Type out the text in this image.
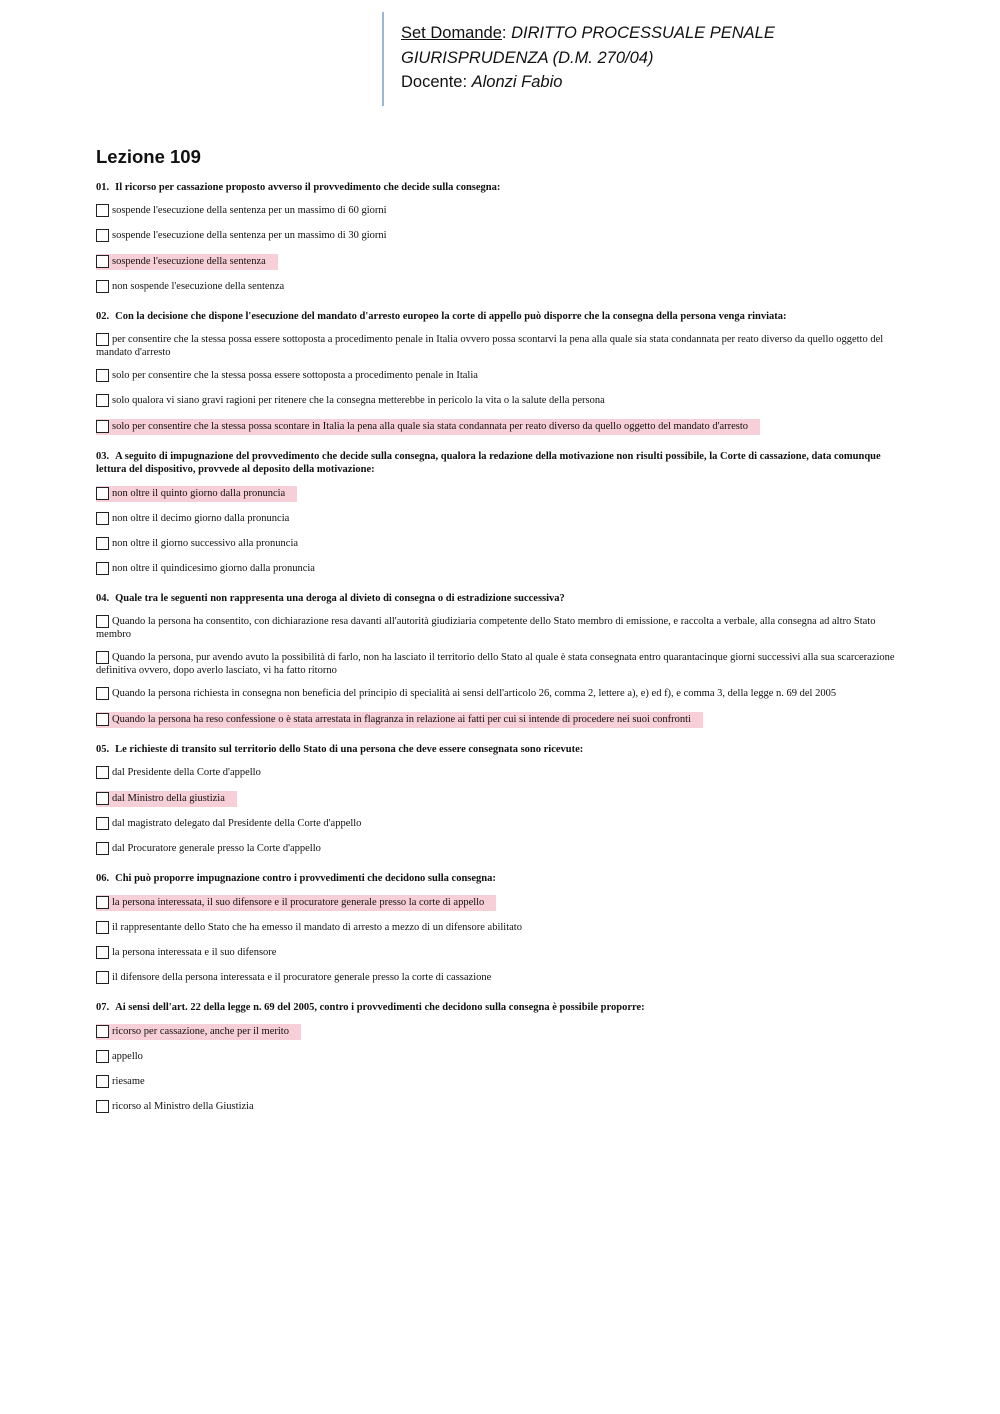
Set Domande: DIRITTO PROCESSUALE PENALE
GIURISPRUDENZA (D.M. 270/04)
Docente: Alonzi Fabio
Lezione 109
01. Il ricorso per cassazione proposto avverso il provvedimento che decide sulla consegna:
sospende l'esecuzione della sentenza per un massimo di 60 giorni
sospende l'esecuzione della sentenza per un massimo di 30 giorni
sospende l'esecuzione della sentenza
non sospende l'esecuzione della sentenza
02. Con la decisione che dispone l'esecuzione del mandato d'arresto europeo la corte di appello può disporre che la consegna della persona venga rinviata:
per consentire che la stessa possa essere sottoposta a procedimento penale in Italia ovvero possa scontarvi la pena alla quale sia stata condannata per reato diverso da quello oggetto del mandato d'arresto
solo per consentire che la stessa possa essere sottoposta a procedimento penale in Italia
solo qualora vi siano gravi ragioni per ritenere che la consegna metterebbe in pericolo la vita o la salute della persona
solo per consentire che la stessa possa scontare in Italia la pena alla quale sia stata condannata per reato diverso da quello oggetto del mandato d'arresto
03. A seguito di impugnazione del provvedimento che decide sulla consegna, qualora la redazione della motivazione non risulti possibile, la Corte di cassazione, data comunque lettura del dispositivo, provvede al deposito della motivazione:
non oltre il quinto giorno dalla pronuncia
non oltre il decimo giorno dalla pronuncia
non oltre il giorno successivo alla pronuncia
non oltre il quindicesimo giorno dalla pronuncia
04. Quale tra le seguenti non rappresenta una deroga al divieto di consegna o di estradizione successiva?
Quando la persona ha consentito, con dichiarazione resa davanti all'autorità giudiziaria competente dello Stato membro di emissione, e raccolta a verbale, alla consegna ad altro Stato membro
Quando la persona, pur avendo avuto la possibilità di farlo, non ha lasciato il territorio dello Stato al quale è stata consegnata entro quarantacinque giorni successivi alla sua scarcerazione definitiva ovvero, dopo averlo lasciato, vi ha fatto ritorno
Quando la persona richiesta in consegna non beneficia del principio di specialità ai sensi dell'articolo 26, comma 2, lettere a), e) ed f), e comma 3, della legge n. 69 del 2005
Quando la persona ha reso confessione o è stata arrestata in flagranza in relazione ai fatti per cui si intende di procedere nei suoi confronti
05. Le richieste di transito sul territorio dello Stato di una persona che deve essere consegnata sono ricevute:
dal Presidente della Corte d'appello
dal Ministro della giustizia
dal magistrato delegato dal Presidente della Corte d'appello
dal Procuratore generale presso la Corte d'appello
06. Chi può proporre impugnazione contro i provvedimenti che decidono sulla consegna:
la persona interessata, il suo difensore e il procuratore generale presso la corte di appello
il rappresentante dello Stato che ha emesso il mandato di arresto a mezzo di un difensore abilitato
la persona interessata e il suo difensore
il difensore della persona interessata e il procuratore generale presso la corte di cassazione
07. Ai sensi dell'art. 22 della legge n. 69 del 2005, contro i provvedimenti che decidono sulla consegna è possibile proporre:
ricorso per cassazione, anche per il merito
appello
riesame
ricorso al Ministro della Giustizia
